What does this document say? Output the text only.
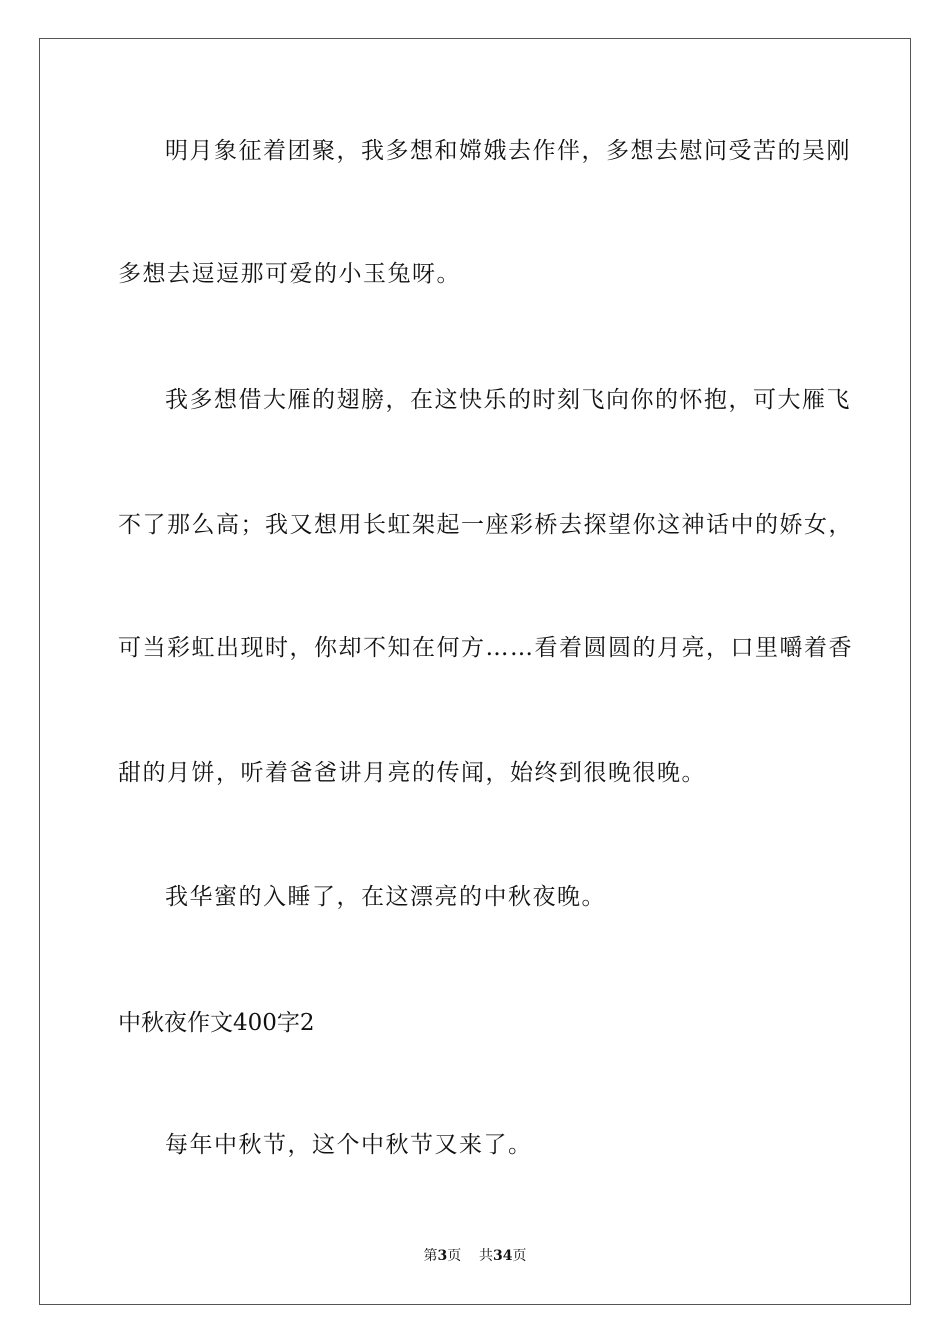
明月象征着团聚，我多想和嫦娥去作伴，多想去慰问受苦的吴刚
多想去逗逗那可爱的小玉兔呀。
我多想借大雁的翅膀，在这快乐的时刻飞向你的怀抱，可大雁飞
不了那么高；我又想用长虹架起一座彩桥去探望你这神话中的娇女，
可当彩虹出现时，你却不知在何方……看着圆圆的月亮，口里嚼着香
甜的月饼，听着爸爸讲月亮的传闻，始终到很晚很晚。
我华蜜的入睡了，在这漂亮的中秋夜晚。
中秋夜作文400字2
每年中秋节，这个中秋节又来了。
第3页 共34页
